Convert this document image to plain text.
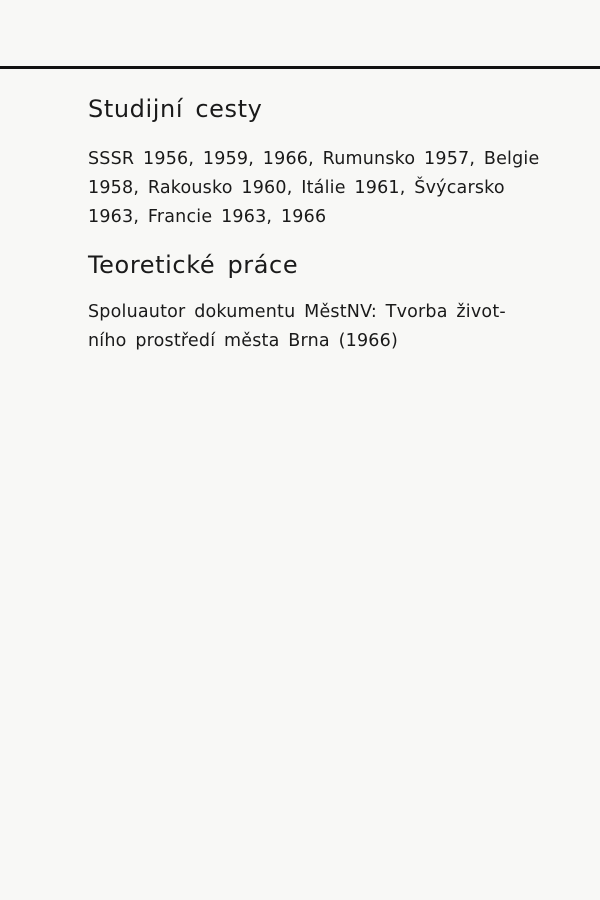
Studijní cesty

SSSR 1956, 1959, 1966, Rumunsko 1957, Belgie
1958, Rakousko 1960, Itálie 1961, Švýcarsko
1963, Francie 1963, 1966

Teoretické práce

Spoluautor dokumentu MěstNV: Tvorba život-
ního prostředí města Brna (1966)
